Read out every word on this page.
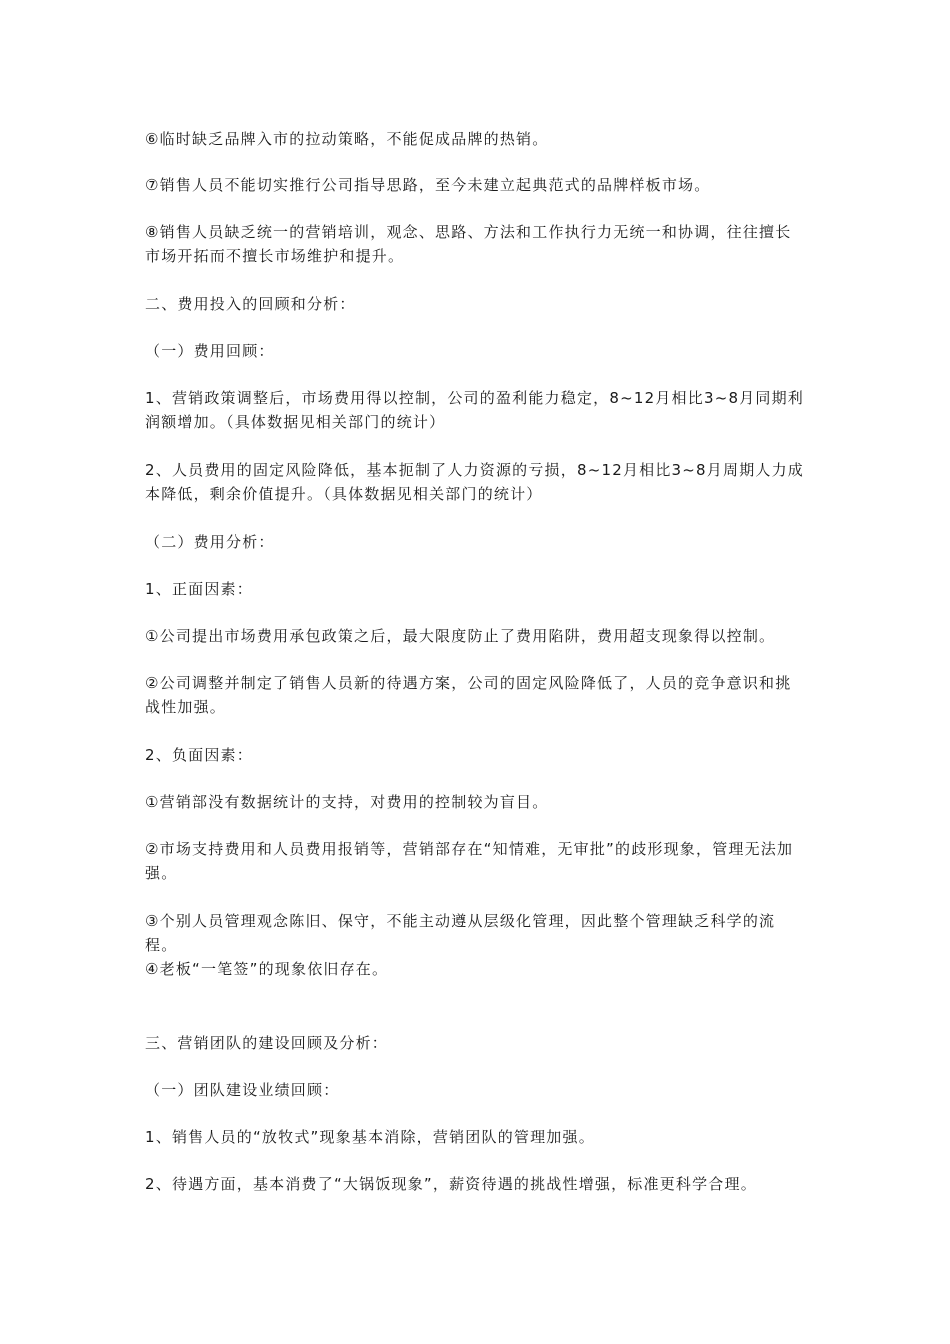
⑥临时缺乏品牌入市的拉动策略，不能促成品牌的热销。

⑦销售人员不能切实推行公司指导思路，至今未建立起典范式的品牌样板市场。

⑧销售人员缺乏统一的营销培训，观念、思路、方法和工作执行力无统一和协调，往往擅长市场开拓而不擅长市场维护和提升。

二、费用投入的回顾和分析：

（一）费用回顾：

1、营销政策调整后，市场费用得以控制，公司的盈利能力稳定，8~12月相比3~8月同期利润额增加。（具体数据见相关部门的统计）

2、人员费用的固定风险降低，基本扼制了人力资源的亏损，8~12月相比3~8月周期人力成本降低，剩余价值提升。（具体数据见相关部门的统计）

（二）费用分析：

1、正面因素：

①公司提出市场费用承包政策之后，最大限度防止了费用陷阱，费用超支现象得以控制。

②公司调整并制定了销售人员新的待遇方案，公司的固定风险降低了，人员的竞争意识和挑战性加强。

2、负面因素：

①营销部没有数据统计的支持，对费用的控制较为盲目。

②市场支持费用和人员费用报销等，营销部存在“知情难，无审批”的歧形现象，管理无法加强。

③个别人员管理观念陈旧、保守，不能主动遵从层级化管理，因此整个管理缺乏科学的流程。

④老板“一笔签”的现象依旧存在。

三、营销团队的建设回顾及分析：

（一）团队建设业绩回顾：

1、销售人员的“放牧式”现象基本消除，营销团队的管理加强。

2、待遇方面，基本消费了“大锅饭现象”，薪资待遇的挑战性增强，标准更科学合理。
